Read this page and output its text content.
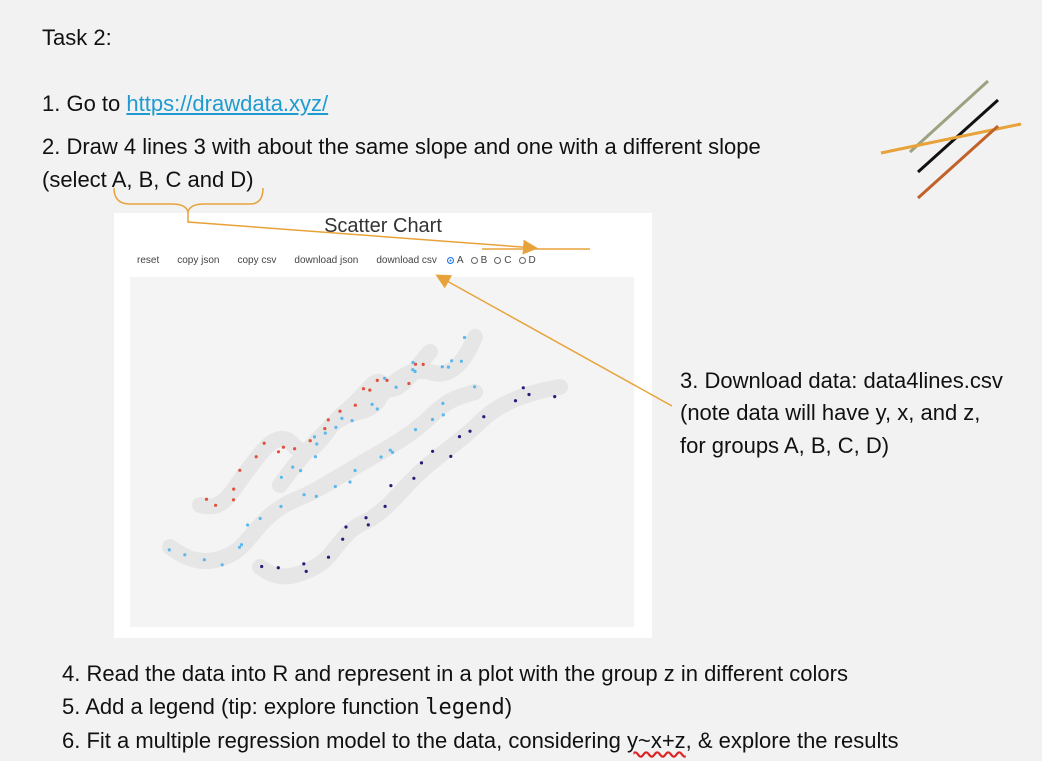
Task 2:
1. Go to https://drawdata.xyz/
2. Draw 4 lines 3 with about the same slope and one with a different slope
(select A, B, C and D)
3. Download data: data4lines.csv
(note data will have y, x, and z,
for groups A, B, C, D)
4. Read the data into R and represent in a plot with the group z in different colors
5. Add a legend (tip: explore function legend)
6. Fit a multiple regression model to the data, considering y~x+z, & explore the results
Scatter Chart
reset copy json copy csv download json download csv A B C D
